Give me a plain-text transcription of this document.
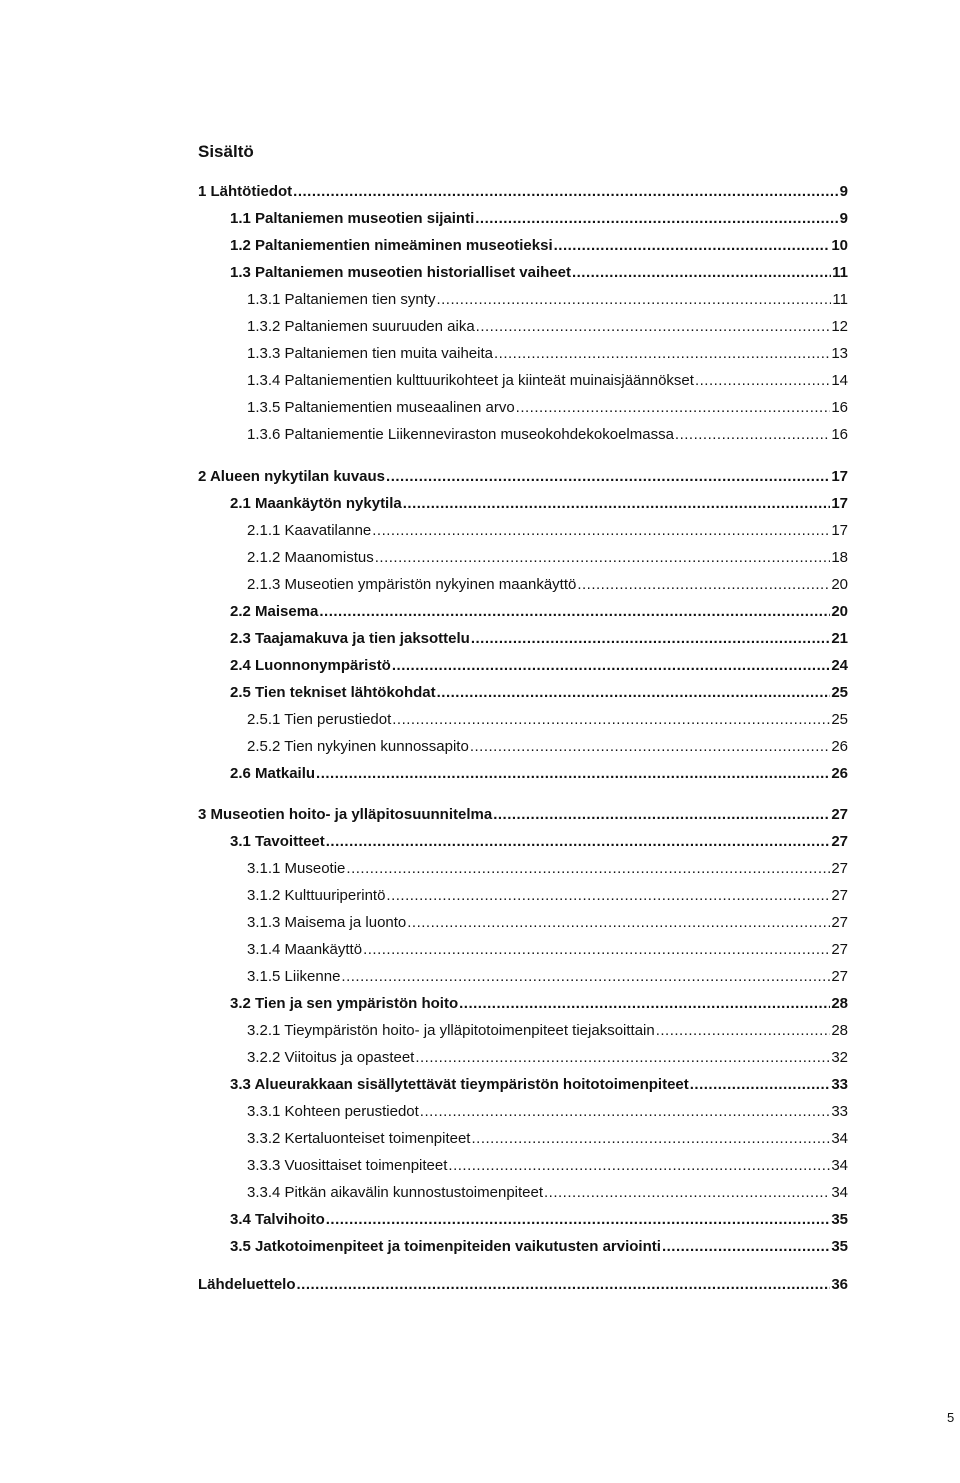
Sisältö
1 Lähtötiedot .....	9
1.1 Paltaniemen museotien sijainti .....	9
1.2 Paltaniementien nimeäminen museotieksi .....	10
1.3 Paltaniemen museotien historialliset vaiheet .....	11
1.3.1 Paltaniemen tien synty .....	11
1.3.2 Paltaniemen suuruuden aika .....	12
1.3.3 Paltaniemen tien muita vaiheita .....	13
1.3.4 Paltaniementien kulttuurikohteet ja kiinteät muinaisjäännökset .....	14
1.3.5 Paltaniementien museaalinen arvo .....	16
1.3.6 Paltaniementie Liikenneviraston museokohdekokoelmassa .....	16
2 Alueen nykytilan kuvaus .....	17
2.1 Maankäytön nykytila .....	17
2.1.1 Kaavatilanne .....	17
2.1.2 Maanomistus .....	18
2.1.3 Museotien ympäristön nykyinen maankäyttö .....	20
2.2 Maisema .....	20
2.3 Taajamakuva ja tien jaksottelu .....	21
2.4 Luonnonympäristö .....	24
2.5 Tien tekniset lähtökohdat .....	25
2.5.1 Tien perustiedot .....	25
2.5.2 Tien nykyinen kunnossapito .....	26
2.6 Matkailu .....	26
3 Museotien hoito- ja ylläpitosuunnitelma .....	27
3.1 Tavoitteet .....	27
3.1.1 Museotie .....	27
3.1.2 Kulttuuriperintö .....	27
3.1.3 Maisema ja luonto .....	27
3.1.4 Maankäyttö .....	27
3.1.5 Liikenne .....	27
3.2 Tien ja sen ympäristön hoito .....	28
3.2.1 Tieympäristön hoito- ja ylläpitotoimenpiteet tiejaksoittain .....	28
3.2.2 Viitoitus ja opasteet .....	32
3.3 Alueurakkaan sisällytettävät tieympäristön hoitotoimenpiteet .....	33
3.3.1 Kohteen perustiedot .....	33
3.3.2 Kertaluonteiset toimenpiteet .....	34
3.3.3 Vuosittaiset toimenpiteet .....	34
3.3.4 Pitkän aikavälin kunnostustoimenpiteet .....	34
3.4 Talvihoito .....	35
3.5 Jatkotoimenpiteet ja toimenpiteiden vaikutusten arviointi .....	35
Lähdeluettelo .....	36
5
